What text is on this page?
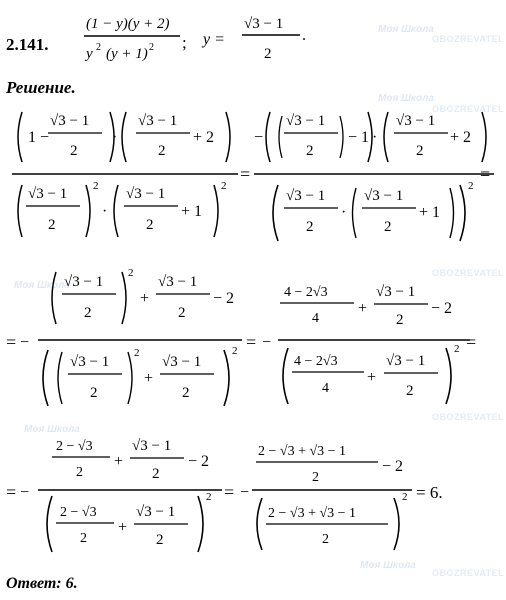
2.141.
(1 − y)(y + 2)
y 2 (y + 1) 2 ; y =
√3 − 1
2
.
Решение.
1 −
√3 − 1
2
·
√3 − 1
2
+ 2
√3 − 1
2
2
·
√3 − 1
2
+ 1
2
=
−
√3 − 1
2
− 1 ·
√3 − 1
2
+ 2
√3 − 1
2
·
√3 − 1
2
+ 1
2
=
= −
√3 − 1
2
2
+
√3 − 1
2
− 2
√3 − 1
2
2
+
√3 − 1
2
2 = −
4 − 2√3
4
+
√3 − 1
2
− 2
4 − 2√3
4
+
√3 − 1
2
2 =
= −
2 − √3
2
+
√3 − 1
2
− 2
2 − √3
2
+
√3 − 1
2
2 = −
2 − √3 + √3 − 1
2
− 2
2 − √3 + √3 − 1
2
2 = 6.
Ответ: 6.
Моя Школа
OBOZREVATEL
Моя Школа
OBOZREVATEL
Моя Школа
OBOZREVATEL
Моя Школа
OBOZREVATEL
Моя Школа
OBOZREVATEL
